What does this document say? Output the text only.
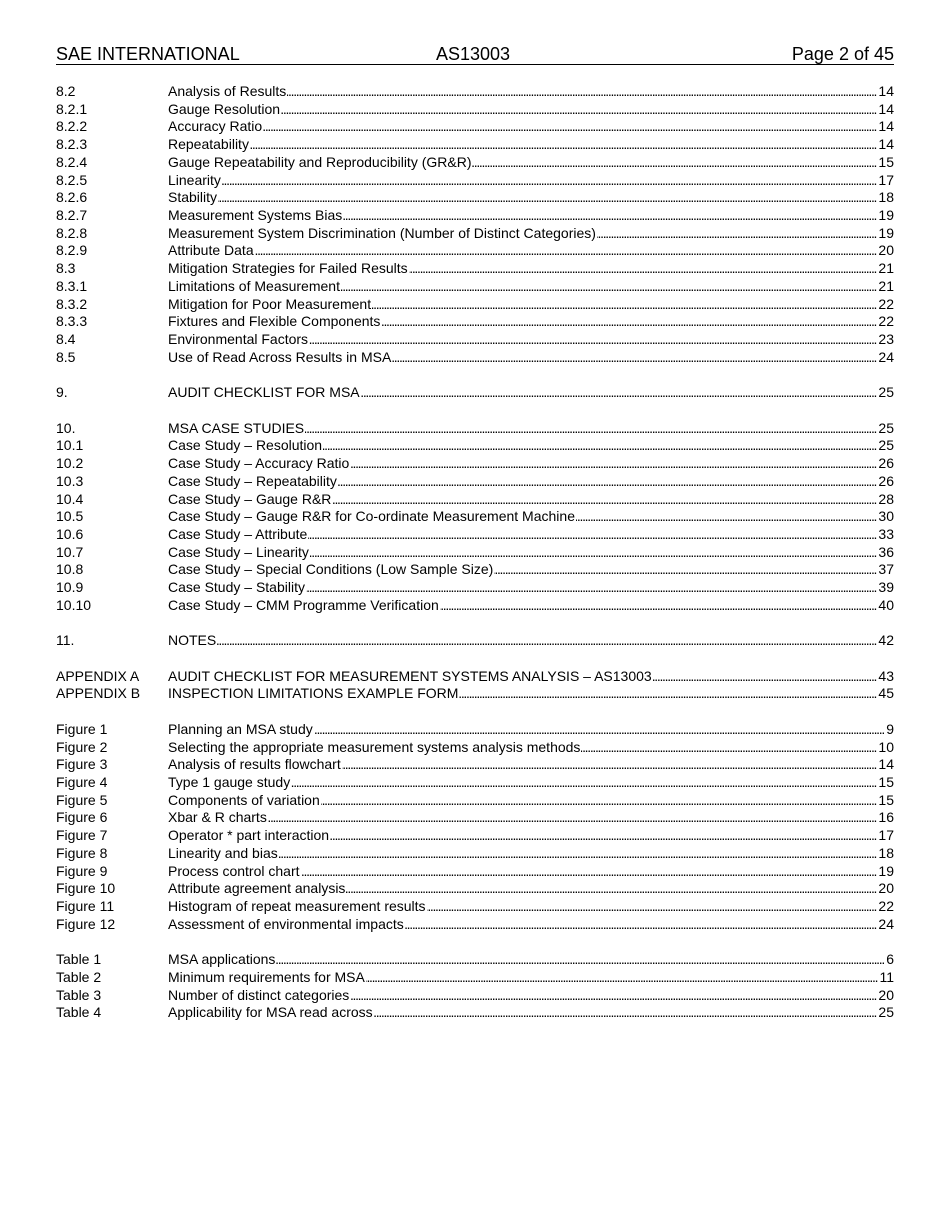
SAE INTERNATIONAL	AS13003	Page 2 of 45
8.2	Analysis of Results . . .	14
8.2.1	Gauge Resolution . . .	14
8.2.2	Accuracy Ratio . . .	14
8.2.3	Repeatability . . .	14
8.2.4	Gauge Repeatability and Reproducibility (GR&R) . . .	15
8.2.5	Linearity . . .	17
8.2.6	Stability . . .	18
8.2.7	Measurement Systems Bias . . .	19
8.2.8	Measurement System Discrimination (Number of Distinct Categories) . . .	19
8.2.9	Attribute Data . . .	20
8.3	Mitigation Strategies for Failed Results . . .	21
8.3.1	Limitations of Measurement . . .	21
8.3.2	Mitigation for Poor Measurement . . .	22
8.3.3	Fixtures and Flexible Components . . .	22
8.4	Environmental Factors . . .	23
8.5	Use of Read Across Results in MSA . . .	24
9.	AUDIT CHECKLIST FOR MSA . . .	25
10.	MSA CASE STUDIES . . .	25
10.1	Case Study – Resolution . . .	25
10.2	Case Study – Accuracy Ratio . . .	26
10.3	Case Study – Repeatability . . .	26
10.4	Case Study – Gauge R&R . . .	28
10.5	Case Study – Gauge R&R for Co-ordinate Measurement Machine . . .	30
10.6	Case Study – Attribute . . .	33
10.7	Case Study – Linearity . . .	36
10.8	Case Study – Special Conditions (Low Sample Size) . . .	37
10.9	Case Study – Stability . . .	39
10.10	Case Study – CMM Programme Verification . . .	40
11.	NOTES . . .	42
APPENDIX A	AUDIT CHECKLIST FOR MEASUREMENT SYSTEMS ANALYSIS – AS13003 . . .	43
APPENDIX B	INSPECTION LIMITATIONS EXAMPLE FORM . . .	45
Figure 1	Planning an MSA study . . .	9
Figure 2	Selecting the appropriate measurement systems analysis methods . . .	10
Figure 3	Analysis of results flowchart . . .	14
Figure 4	Type 1 gauge study . . .	15
Figure 5	Components of variation . . .	15
Figure 6	Xbar & R charts . . .	16
Figure 7	Operator * part interaction . . .	17
Figure 8	Linearity and bias . . .	18
Figure 9	Process control chart . . .	19
Figure 10	Attribute agreement analysis . . .	20
Figure 11	Histogram of repeat measurement results . . .	22
Figure 12	Assessment of environmental impacts . . .	24
Table 1	MSA applications . . .	6
Table 2	Minimum requirements for MSA . . .	11
Table 3	Number of distinct categories . . .	20
Table 4	Applicability for MSA read across . . .	25
